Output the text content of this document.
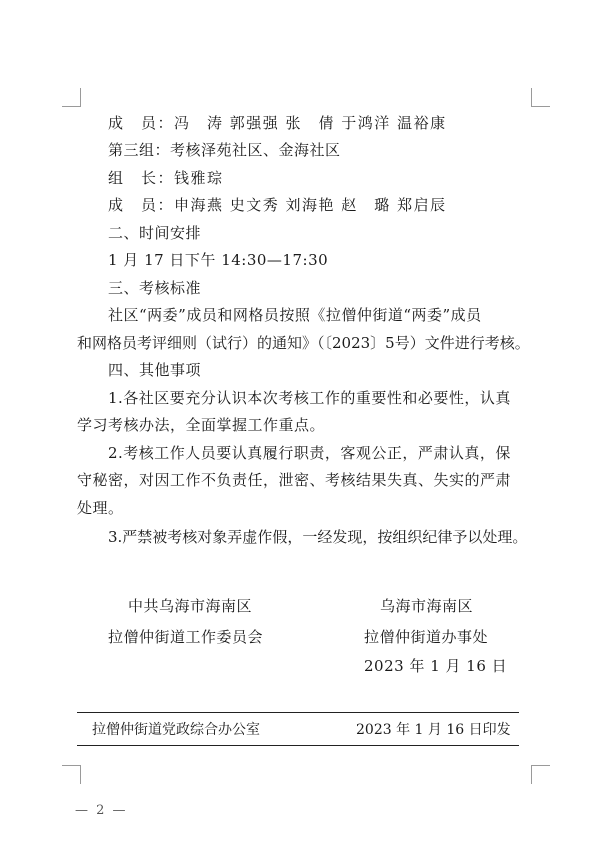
成　员：冯　涛 郭强强 张　倩 于鸿洋 温裕康
第三组：考核泽苑社区、金海社区
组　长：钱雅琮
成　员：申海燕 史文秀 刘海艳 赵　璐 郑启辰
二、时间安排
1 月 17 日下午 14:30—17:30
三、考核标准
社区“两委”成员和网格员按照《拉僧仲街道“两委”成员
和网格员考评细则（试行）的通知》（〔2023〕5号）文件进行考核。
四、其他事项
1.各社区要充分认识本次考核工作的重要性和必要性，认真
学习考核办法，全面掌握工作重点。
2.考核工作人员要认真履行职责，客观公正，严肃认真，保
守秘密，对因工作不负责任，泄密、考核结果失真、失实的严肃
处理。
3.严禁被考核对象弄虚作假，一经发现，按组织纪律予以处理。
中共乌海市海南区
拉僧仲街道工作委员会
乌海市海南区
拉僧仲街道办事处
2023 年 1 月 16 日
拉僧仲街道党政综合办公室	2023 年 1 月 16 日印发
— 2 —
